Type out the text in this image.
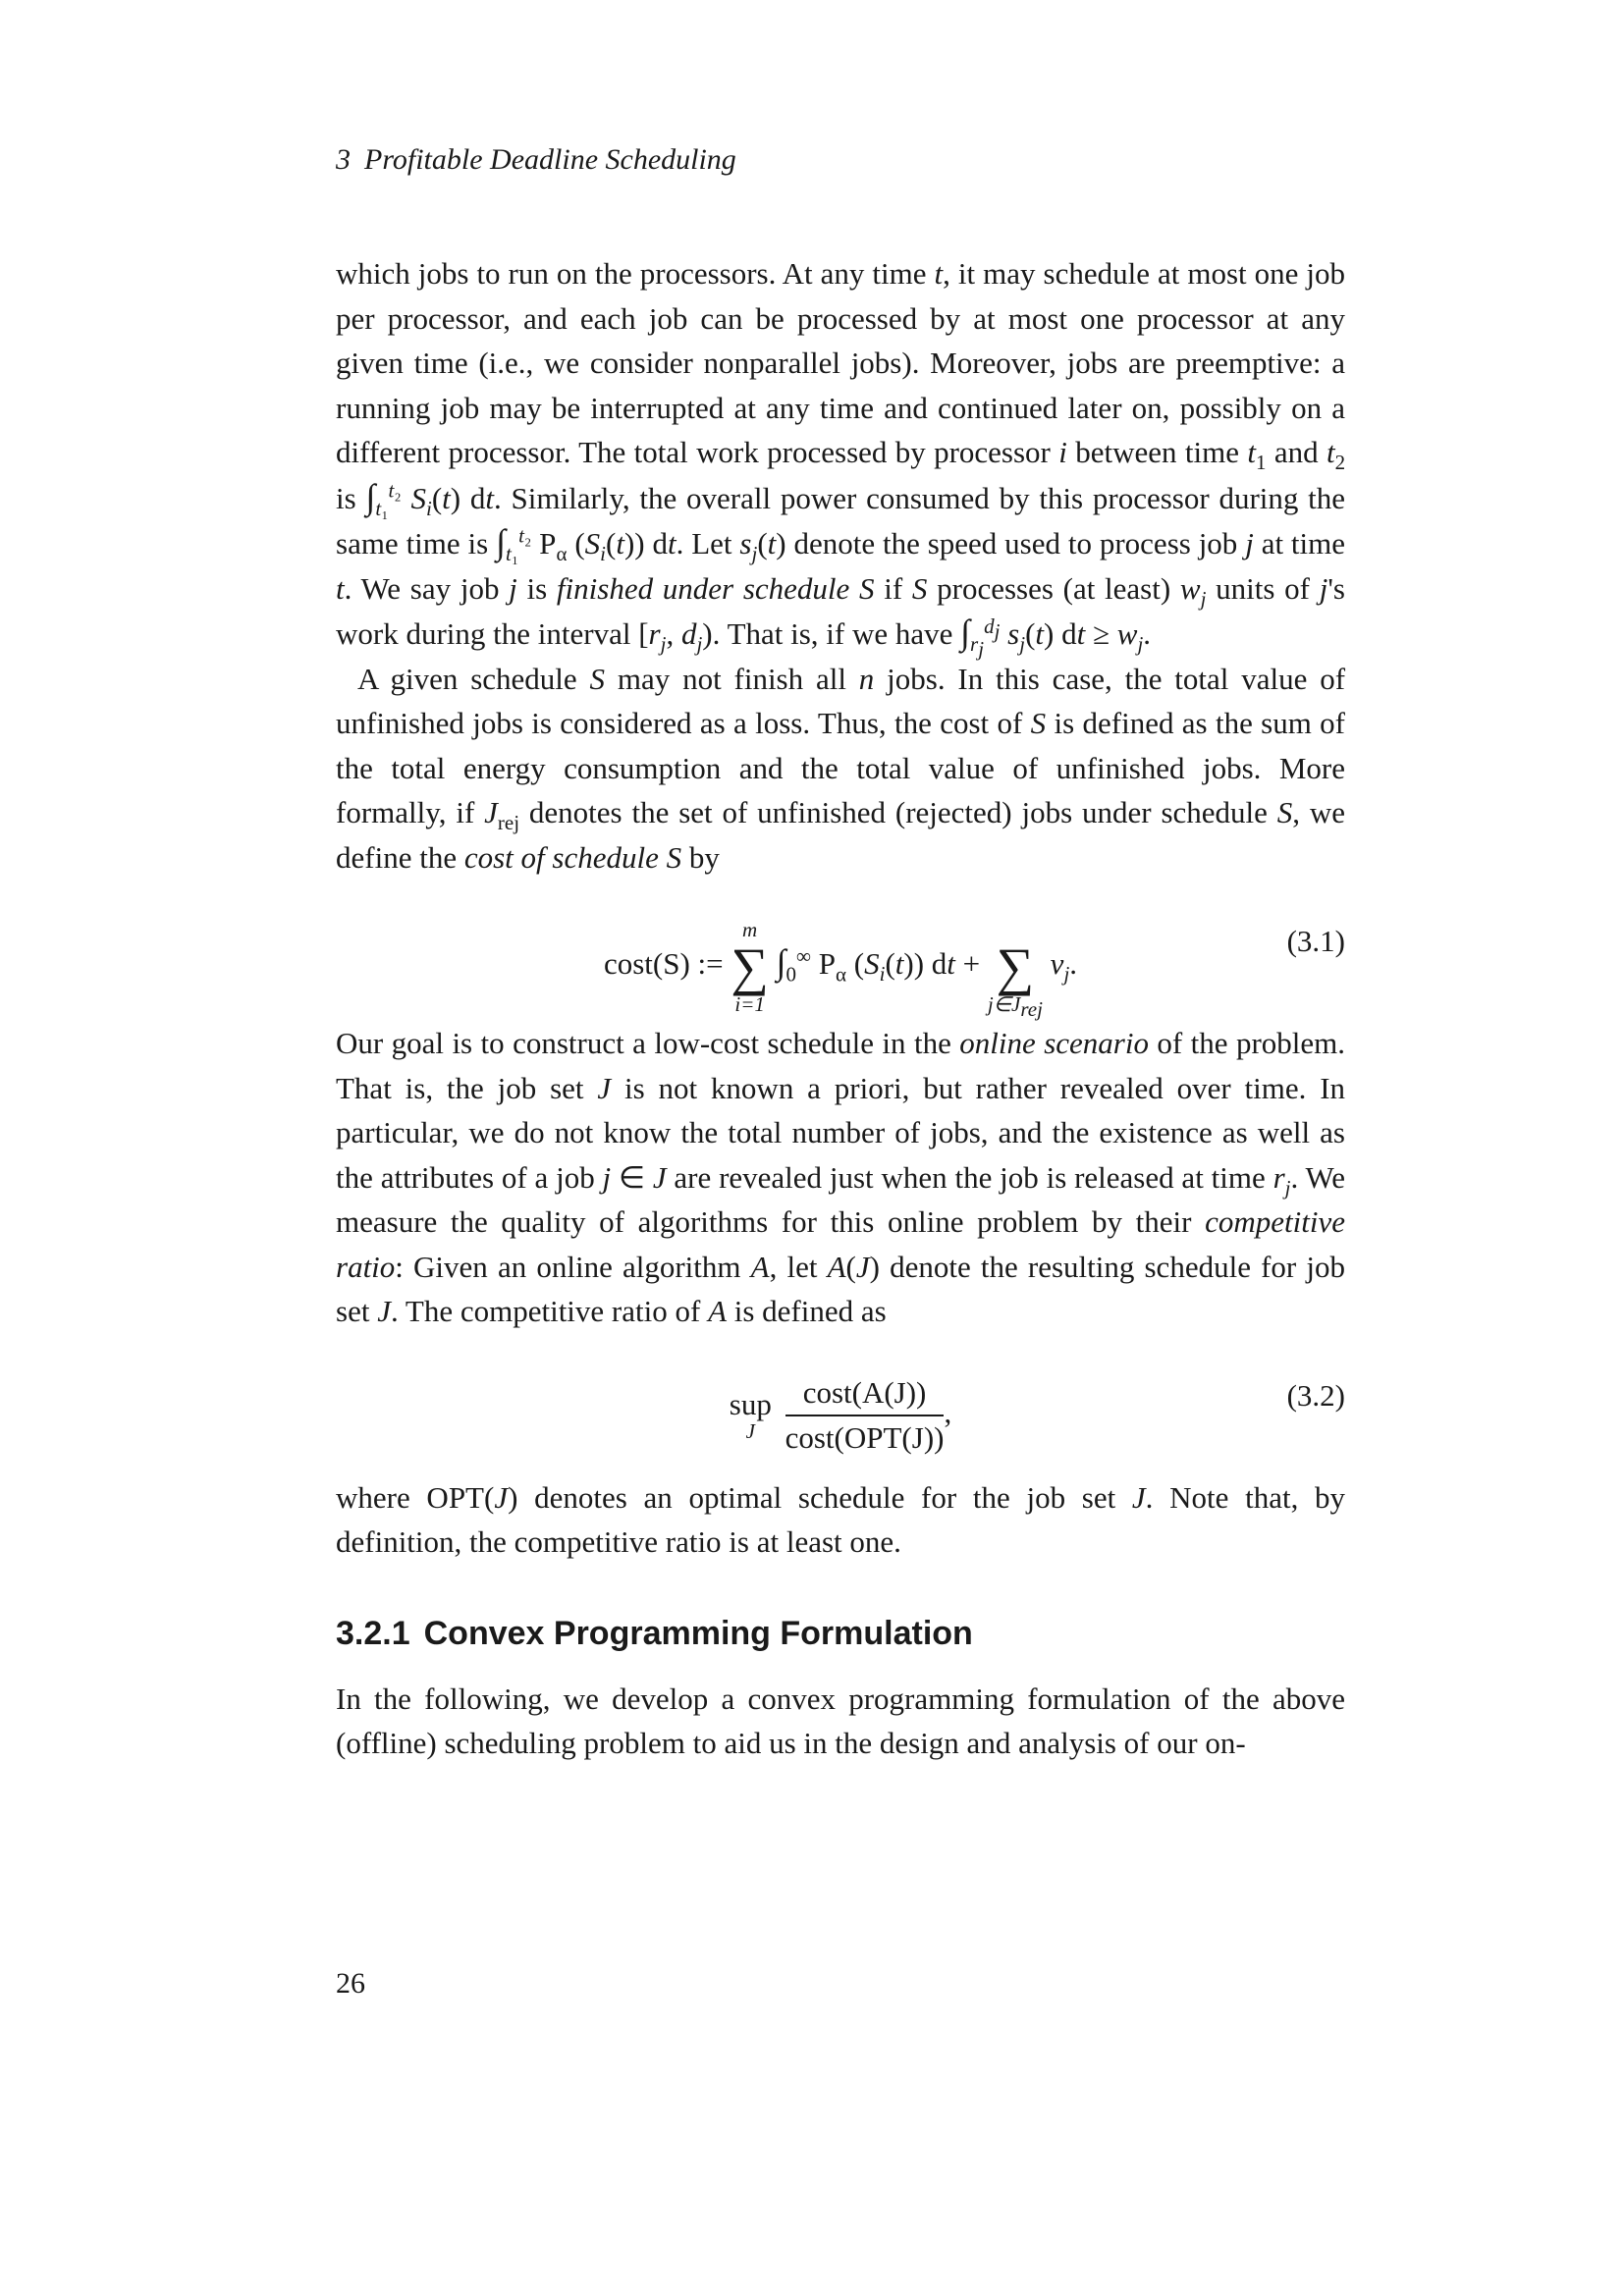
3 Profitable Deadline Scheduling

which jobs to run on the processors. At any time t, it may schedule at most one job per processor, and each job can be processed by at most one processor at any given time (i.e., we consider nonparallel jobs). Moreover, jobs are preemptive: a running job may be interrupted at any time and continued later on, possibly on a different processor. The total work processed by processor i between time $t_1$ and $t_2$ is $\int_{t_1}^{t_2}$ $S_i(t)$ dt. Similarly, the overall power consumed by this processor during the same time is $\int_{t_1}^{t_2}$ $P_\alpha$ $(S_i(t))$ dt. Let $s_j(t)$ denote the speed used to process job j at time t. We say job j is finished under schedule S if S processes (at least) $w_j$ units of j's work during the interval [$r_j$, $d_j$). That is, if we have $\int_{r_j}^{d_j}$ $s_j(t)$ dt ≥ $w_j$.

A given schedule S may not finish all n jobs. In this case, the total value of unfinished jobs is considered as a loss. Thus, the cost of S is defined as the sum of the total energy consumption and the total value of unfinished jobs. More formally, if $J_{rej}$ denotes the set of unfinished (rejected) jobs under schedule S, we define the cost of schedule S by

cost(S) :=
m
∑
i=1
$\int_0^\infty$ $P_\alpha$ $(S_i(t))$ dt +
∑
$j\in J_{rej}$
$v_j$.
(3.1)

Our goal is to construct a low-cost schedule in the online scenario of the problem. That is, the job set J is not known a priori, but rather revealed over time. In particular, we do not know the total number of jobs, and the existence as well as the attributes of a job j ∈ J are revealed just when the job is released at time $r_j$. We measure the quality of algorithms for this online problem by their competitive ratio: Given an online algorithm A, let A(J) denote the resulting schedule for job set J. The competitive ratio of A is defined as

sup
J
$\frac{\cos t(A(J))}{\text{cost(OPT(J))}}$ ,	(3.2)

where OPT(J) denotes an optimal schedule for the job set J. Note that, by definition, the competitive ratio is at least one.

3.2.1 Convex Programming Formulation

In the following, we develop a convex programming formulation of the above (offline) scheduling problem to aid us in the design and analysis of our on-

26
